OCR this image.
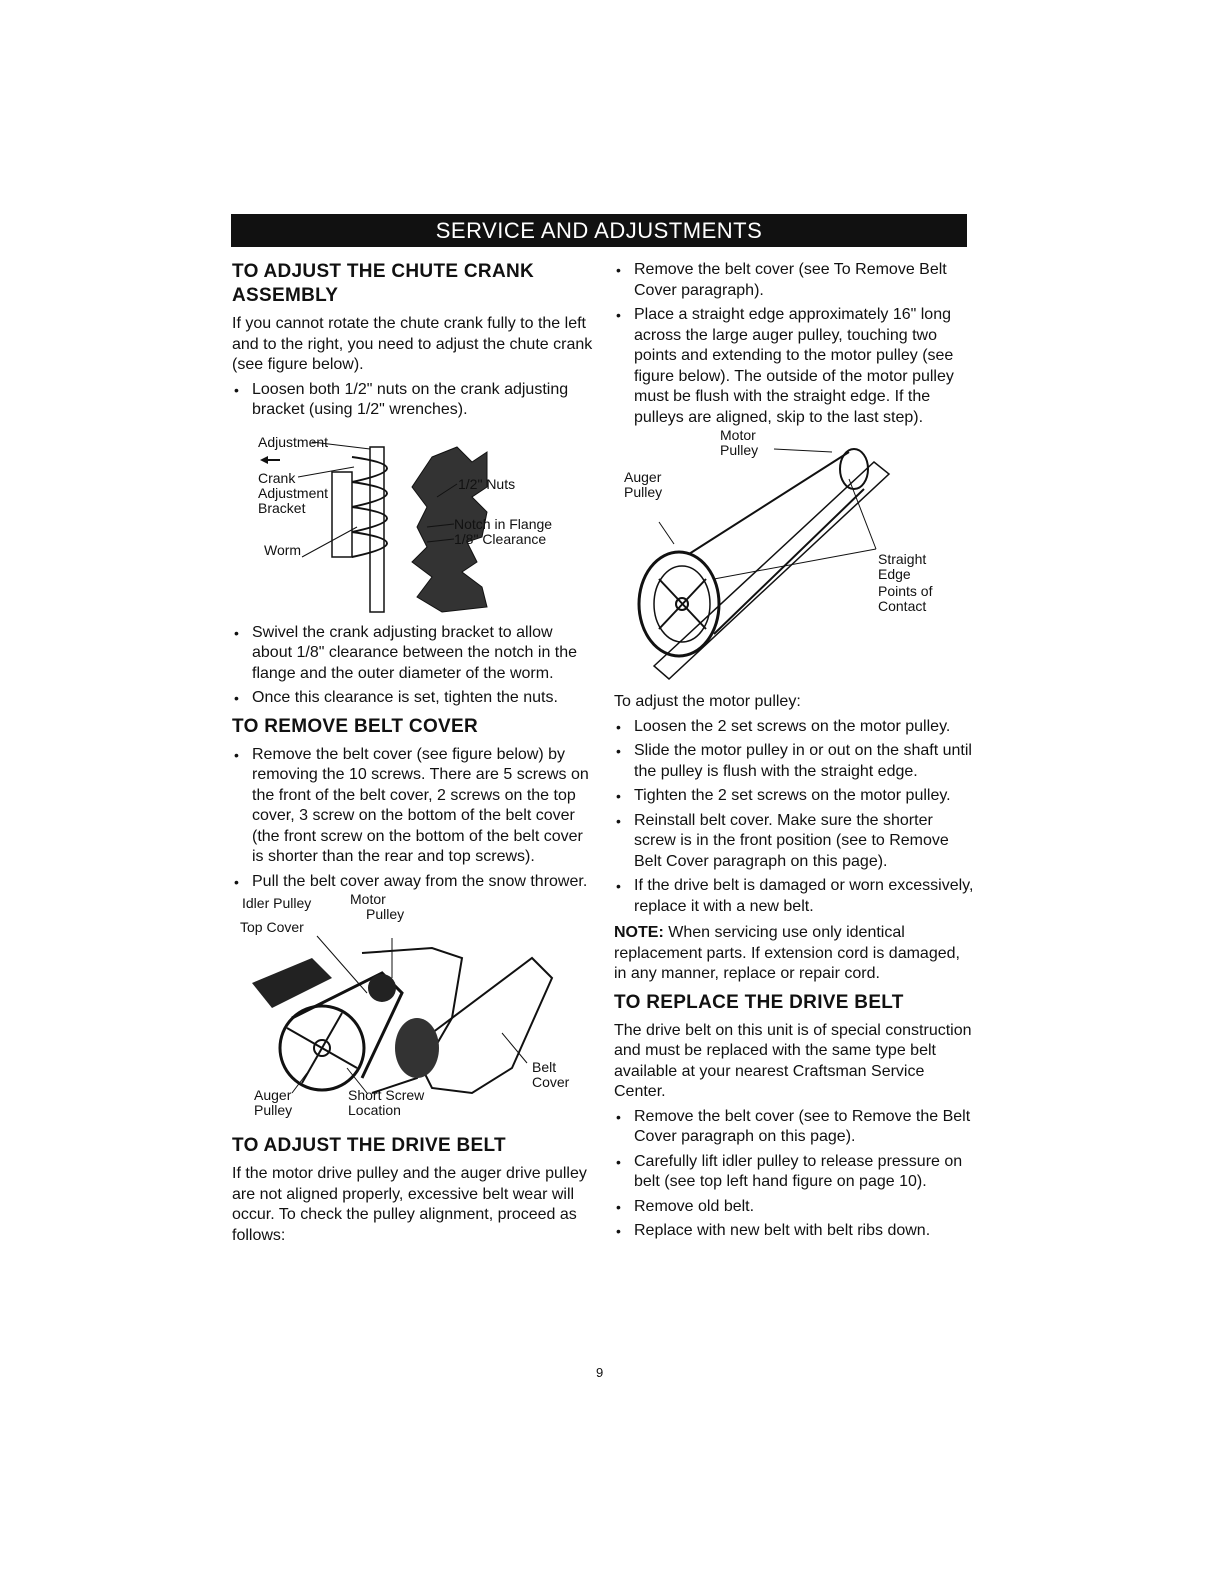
SERVICE AND ADJUSTMENTS
TO ADJUST THE CHUTE CRANK
ASSEMBLY

If you cannot rotate the chute crank fully to the left and to the right, you need to adjust the chute crank (see figure below).

• Loosen both 1/2" nuts on the crank adjusting bracket (using 1/2" wrenches).
Adjustment
Crank
Adjustment
Bracket
Worm
1/2" Nuts
Notch in Flange
1/8" Clearance
• Swivel the crank adjusting bracket to allow about 1/8" clearance between the notch in the flange and the outer diameter of the worm.
• Once this clearance is set, tighten the nuts.
TO REMOVE BELT COVER
• Remove the belt cover (see figure below) by removing the 10 screws. There are 5 screws on the front of the belt cover, 2 screws on the top cover, 3 screw on the bottom of the belt cover (the front screw on the bottom of the belt cover is shorter than the rear and top screws).
• Pull the belt cover away from the snow thrower.
Idler Pulley	Motor
Pulley
Top Cover
Belt
Cover
Auger
Pulley
Short Screw
Location
TO ADJUST THE DRIVE BELT

If the motor drive pulley and the auger drive pulley are not aligned properly, excessive belt wear will occur. To check the pulley alignment, proceed as follows:

• Remove the belt cover (see To Remove Belt Cover paragraph).
• Place a straight edge approximately 16" long across the large auger pulley, touching two points and extending to the motor pulley (see figure below). The outside of the motor pulley must be flush with the straight edge. If the pulleys are aligned, skip to the last step).
Motor
Pulley
Auger
Pulley
Straight
Edge
Points of
Contact

To adjust the motor pulley:

• Loosen the 2 set screws on the motor pulley.
• Slide the motor pulley in or out on the shaft until the pulley is flush with the straight edge.
• Tighten the 2 set screws on the motor pulley.
• Reinstall belt cover. Make sure the shorter screw is in the front position (see to Remove Belt Cover paragraph on this page).
• If the drive belt is damaged or worn excessively, replace it with a new belt.

NOTE: When servicing use only identical replacement parts. If extension cord is damaged, in any manner, replace or repair cord.

TO REPLACE THE DRIVE BELT

The drive belt on this unit is of special construction and must be replaced with the same type belt available at your nearest Craftsman Service Center.

• Remove the belt cover (see to Remove the Belt Cover paragraph on this page).
• Carefully lift idler pulley to release pressure on belt (see top left hand figure on page 10).
• Remove old belt.
• Replace with new belt with belt ribs down.
9
